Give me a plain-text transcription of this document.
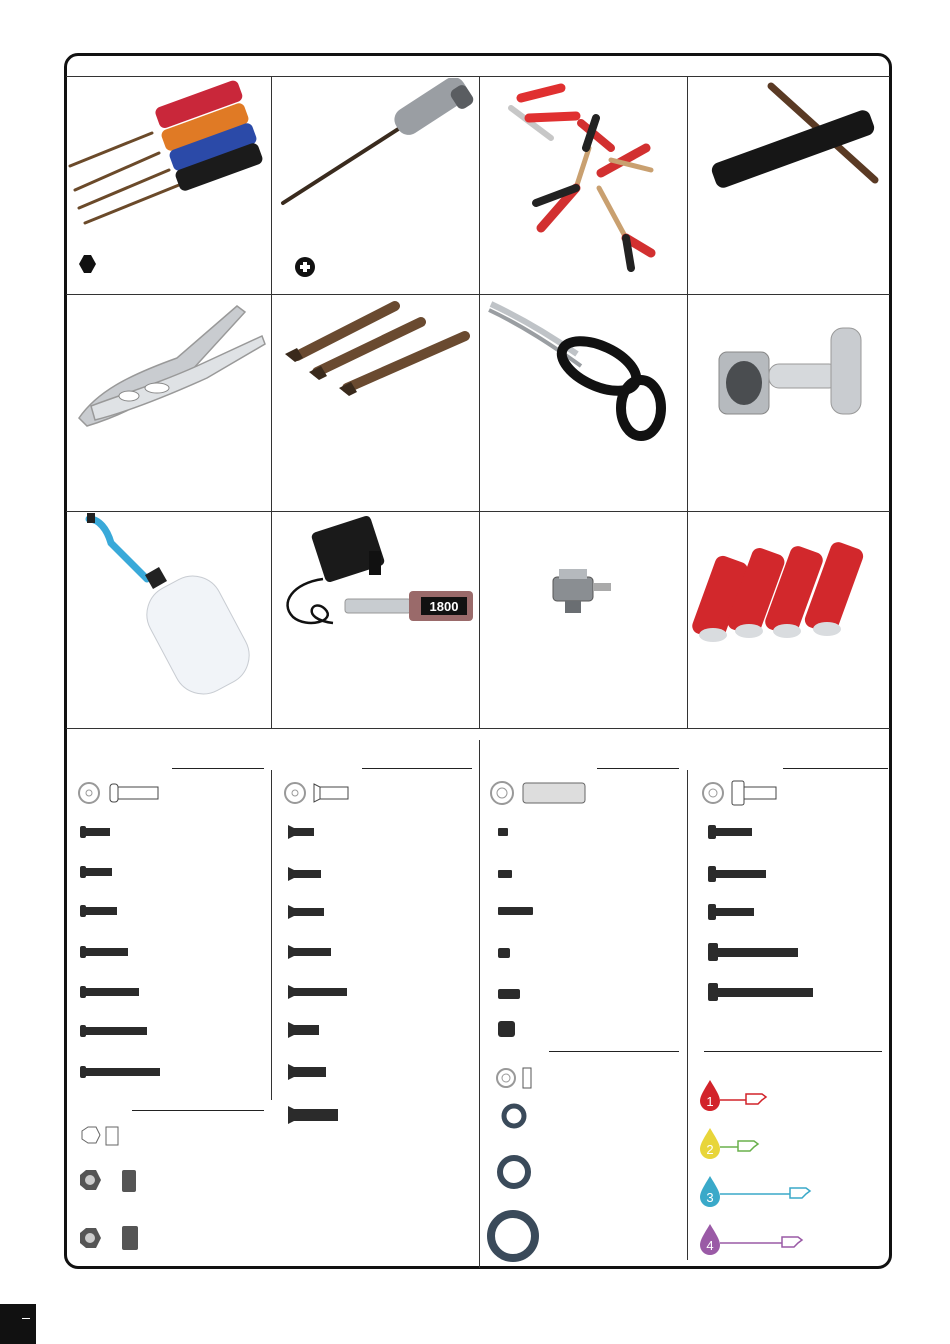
1800
1
2
3
4
